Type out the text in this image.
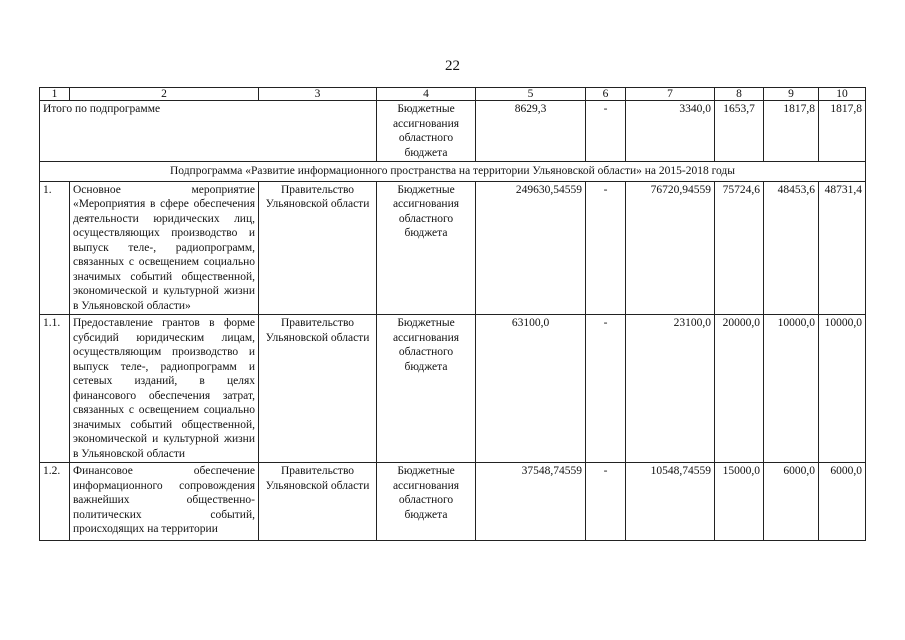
22
1	2	3	4	5	6	7	8	9	10
Итого по подпрограмме			Бюджетные ассигнования областного бюджета	8629,3	-	3340,0	1653,7	1817,8	1817,8
Подпрограмма «Развитие информационного пространства на территории Ульяновской области» на 2015-2018 годы									
1.	Основное мероприятие «Мероприятия в сфере обеспечения деятельности юридических лиц, осуществляющих производство и выпуск теле-, радиопрограмм, связанных с освещением социально значимых событий общественной, экономической и культурной жизни в Ульяновской области»	Правительство Ульяновской области	Бюджетные ассигнования областного бюджета	249630,54559	-	76720,94559	75724,6	48453,6	48731,4
1.1.	Предоставление грантов в форме субсидий юридическим лицам, осуществляющим производство и выпуск теле-, радиопрограмм и сетевых изданий, в целях финансового обеспечения затрат, связанных с освещением социально значимых событий общественной, экономической и культурной жизни в Ульяновской области	Правительство Ульяновской области	Бюджетные ассигнования областного бюджета	63100,0	-	23100,0	20000,0	10000,0	10000,0
1.2.	Финансовое обеспечение информационного сопровождения важнейших общественно-политических событий, происходящих на территории	Правительство Ульяновской области	Бюджетные ассигнования областного бюджета	37548,74559	-	10548,74559	15000,0	6000,0	6000,0
